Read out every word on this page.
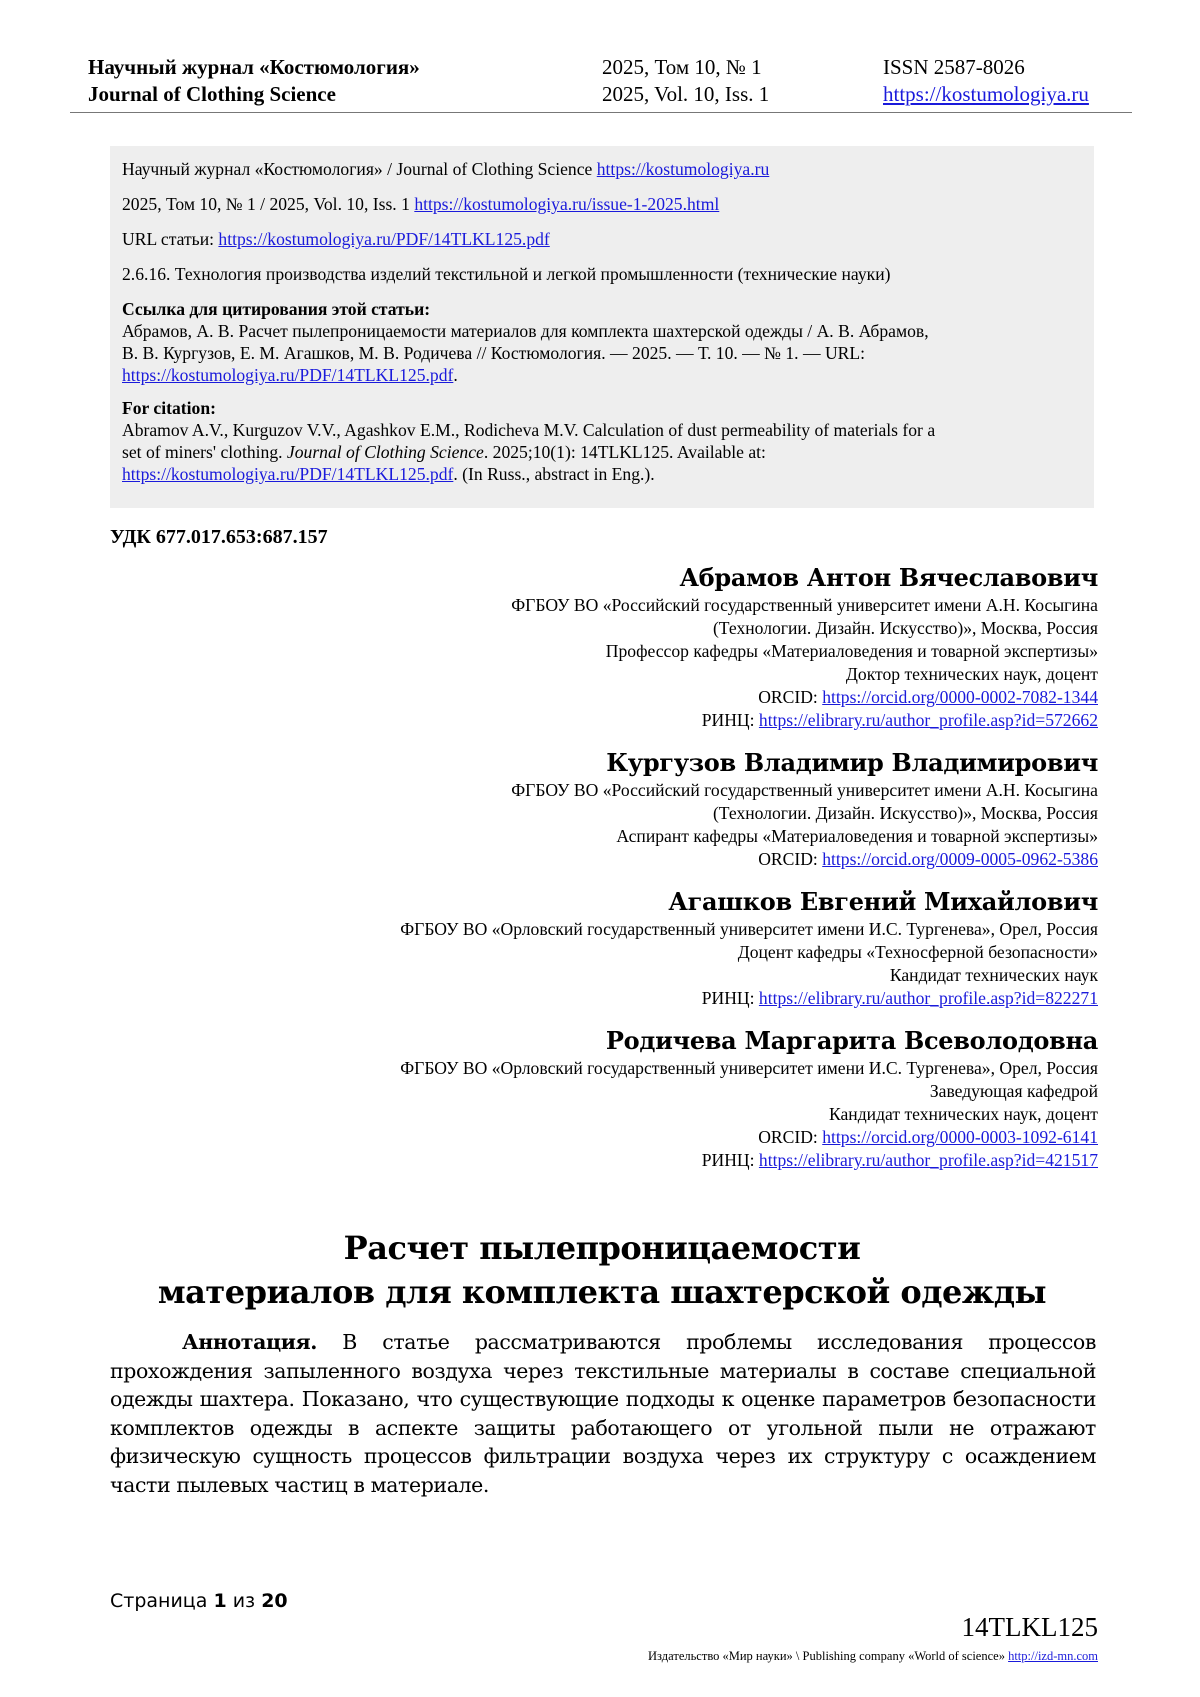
Научный журнал «Костюмология»
Journal of Clothing Science
2025, Том 10, № 1
2025, Vol. 10, Iss. 1
ISSN 2587-8026
https://kostumologiya.ru

Научный журнал «Костюмология» / Journal of Clothing Science https://kostumologiya.ru

2025, Том 10, № 1 / 2025, Vol. 10, Iss. 1 https://kostumologiya.ru/issue-1-2025.html

URL статьи: https://kostumologiya.ru/PDF/14TLKL125.pdf

2.6.16. Технология производства изделий текстильной и легкой промышленности (технические науки)

Ссылка для цитирования этой статьи:

Абрамов, А. В. Расчет пылепроницаемости материалов для комплекта шахтерской одежды / А. В. Абрамов,

В. В. Кургузов, Е. М. Агашков, М. В. Родичева // Костюмология. — 2025. — Т. 10. — № 1. — URL:

https://kostumologiya.ru/PDF/14TLKL125.pdf.

For citation:

Abramov A.V., Kurguzov V.V., Agashkov E.M., Rodicheva M.V. Calculation of dust permeability of materials for a

set of miners' clothing. Journal of Clothing Science. 2025;10(1): 14TLKL125. Available at:

https://kostumologiya.ru/PDF/14TLKL125.pdf. (In Russ., abstract in Eng.).

УДК 677.017.653:687.157
Абрамов Антон Вячеславович
ФГБОУ ВО «Российский государственный университет имени А.Н. Косыгина
(Технологии. Дизайн. Искусство)», Москва, Россия
Профессор кафедры «Материаловедения и товарной экспертизы»
Доктор технических наук, доцент
ORCID: https://orcid.org/0000-0002-7082-1344
РИНЦ: https://elibrary.ru/author_profile.asp?id=572662
Кургузов Владимир Владимирович
ФГБОУ ВО «Российский государственный университет имени А.Н. Косыгина
(Технологии. Дизайн. Искусство)», Москва, Россия
Аспирант кафедры «Материаловедения и товарной экспертизы»
ORCID: https://orcid.org/0009-0005-0962-5386
Агашков Евгений Михайлович
ФГБОУ ВО «Орловский государственный университет имени И.С. Тургенева», Орел, Россия
Доцент кафедры «Техносферной безопасности»
Кандидат технических наук
РИНЦ: https://elibrary.ru/author_profile.asp?id=822271
Родичева Маргарита Всеволодовна
ФГБОУ ВО «Орловский государственный университет имени И.С. Тургенева», Орел, Россия
Заведующая кафедрой
Кандидат технических наук, доцент
ORCID: https://orcid.org/0000-0003-1092-6141
РИНЦ: https://elibrary.ru/author_profile.asp?id=421517
Расчет пылепроницаемости
материалов для комплекта шахтерской одежды
Аннотация. В статье рассматриваются проблемы исследования процессов прохождения запыленного воздуха через текстильные материалы в составе специальной одежды шахтера. Показано, что существующие подходы к оценке параметров безопасности комплектов одежды в аспекте защиты работающего от угольной пыли не отражают физическую сущность процессов фильтрации воздуха через их структуру с осаждением части пылевых частиц в материале.
Страница 1 из 20
14TLKL125
Издательство «Мир науки» \ Publishing company «World of science» http://izd-mn.com
